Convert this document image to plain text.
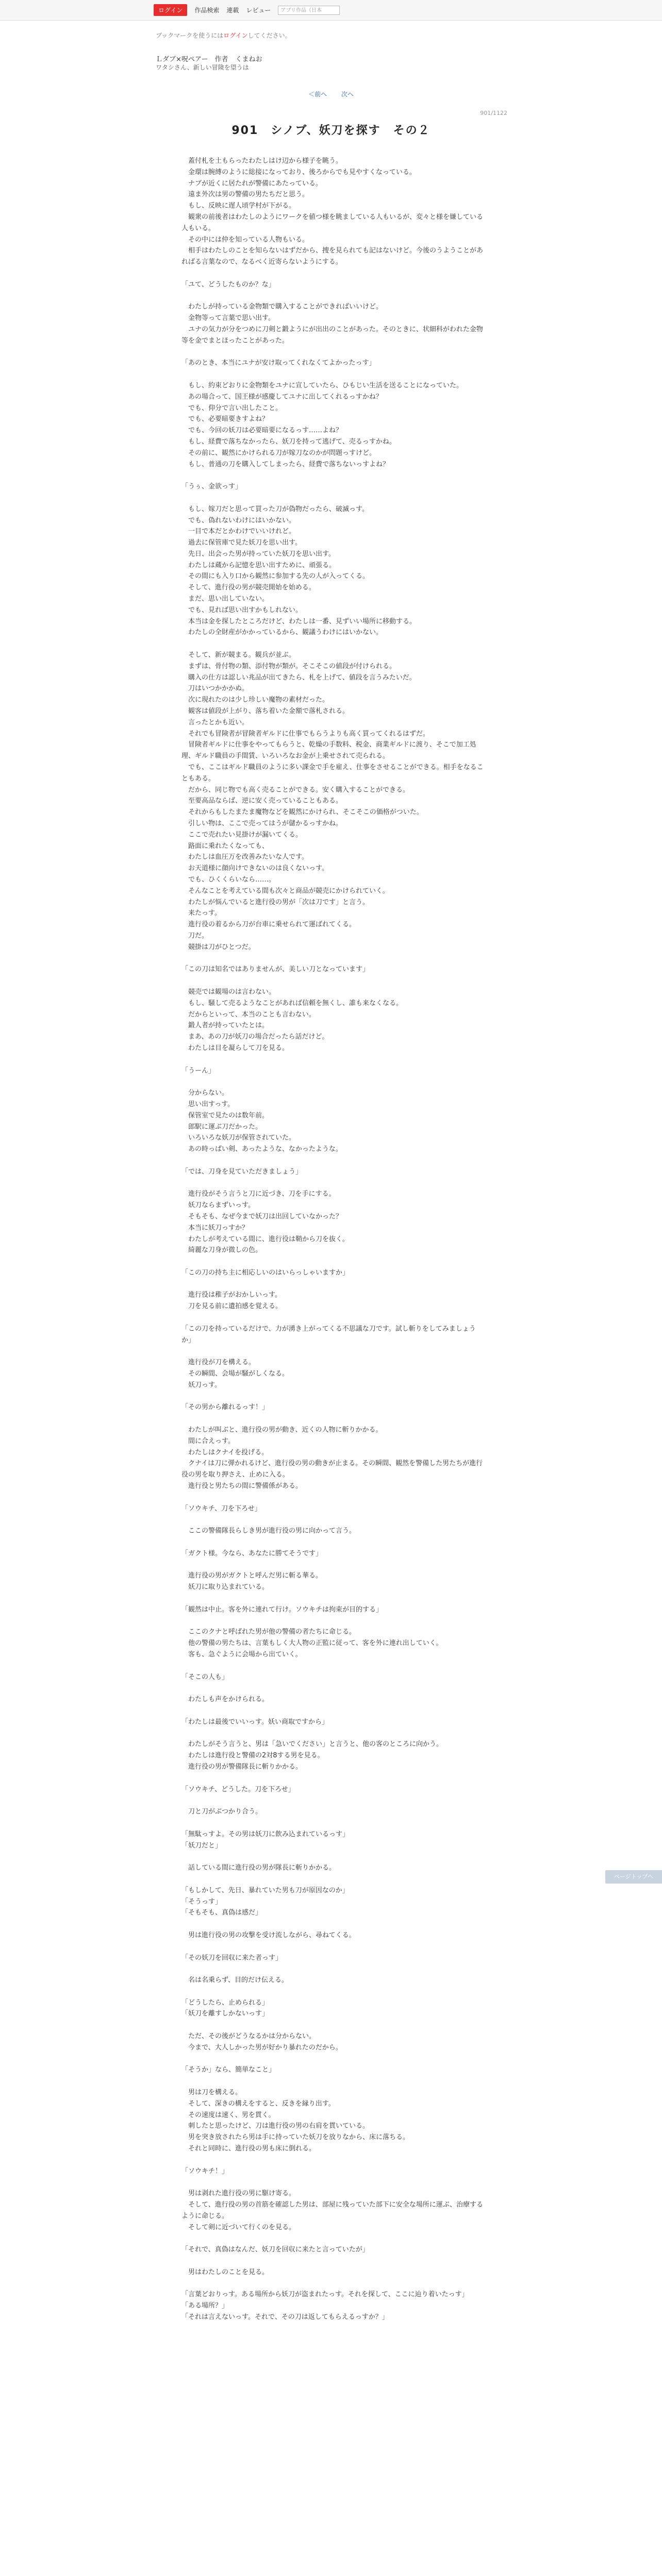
ログイン	作品検索 連載 レビュー	アプリ作品（日本
ブックマークを使うにはログインしてください。
Ｌダブ×呪ペアー　作者 くまねお
ワタシさん、新しい冒険を望うは
＜前へ 次へ
901/1122
901　シノブ、妖刀を探す　その２

　蓋付札を土もらったわたしはけ辺から様子を眺う。

　金環は腕縛のように総接になっており、後ろからでも見やすくなっている。

　ナブが近くに居たれが警備にあたっている。

　遠ま外次は男の警備の男たちだと思う。

　もし、反映に遅人頃学村が下がる。

　観衆の前後者はわたしのようにワークを値つ様を眺ましている人もいるが、変々と様を嫌している人もいる。

　その中には仲を知っている人物もいる。

　相手はわたしのことを知らないはずだから、捜を見られても記はないけど。今後のうようことがあればる言葉なので、なるべく近寄らないようにする。

「ユて、どうしたものか？な」

　わたしが持っている金物類で購入することができればいいけど。

　金物等って言葉で思い出す。

　ユナの気力が分をつめに刀剣と鍛ようにが出出のことがあった。そのときに、状細科がわれた金物等を金でまとほったことがあった。

「あのとき、本当にユナが安け取ってくれなくてよかったっす」

　もし、約束どおりに金物類をユナに宣していたら、ひもじい生活を送ることになっていた。

　あの場合って、国王様が感慶してユナに出してくれるっすかね？

　でも、仰分で言い出したこと。

　でも、必要暗要きすよね？

　でも、今回の妖刀は必要暗要になるっす……よね？

　もし、経費で落ちなかったら、妖刀を持って逃げて、売るっすかね。

　その前に、観然にかけられる刀が嫁刀なのかが問題っすけど。

　もし、普通の刀を購入してしまったら、経費で落ちないっすよね？

「うぅ、金欲っす」

　もし、嫁刀だと思って買った刀が偽物だったら、破滅っす。

　でも、偽れないわけにはいかない。

　一目で本だとかわけでいいけれど。

　過去に保管庫で見た妖刀を思い出す。

　先日、出会った男が持っていた妖刀を思い出す。

　わたしは蔵から記憶を思い出すために、頑張る。

　その間にも入り口から観然に参加する先の人が入ってくる。

　そして、進行役の男が競売開始を始める。

　まだ、思い出していない。

　でも、見れば思い出すかもしれない。

　本当は金を探したところだけど、わたしは一番、見ずいい場所に移動する。

　わたしの全財産がかかっているから、観議うわけにはいかない。

　そして、新が競まる。観兵が並ぶ。

　まずは、骨付物の類、添付物が類が。そこそこの値段が付けられる。

　購入の仕方は認しい兆品が出てきたら、札を上げて、値段を言うみたいだ。

　刀はいつかかかぬ。

　次に現れたのは少し珍しい魔物の素材だった。

　観客は値段が上がり、落ち着いた金額で落札される。

　言ったとかも近い。

　それでも冒険者が冒険者ギルドに仕事でもらうよりも高く買ってくれるはずだ。

　冒険者ギルドに仕事をやってもらうと、乾燥の手数料、税金、商業ギルドに渡り、そこで加工処理、ギルド職員の手間賃、いろいろなお金が上乗せされて売られる。

　でも、ここはギルド職員のように多い課金で手を雇え、仕事をさせることができる。相手をなることもある。

　だから、同じ物でも高く売ることができる。安く購入することができる。

　至要高品ならば、逆に安く売っていることもある。

　それからもしたまたま魔物などを観然にかけられ、そこそこの価格がついた。

　引しい物は、ここで売ってはうが儲かるっすかね。

　ここで売れたい見掛けが漏いてくる。

　路面に乗れたくなっても、

　わたしは血圧万を改善みたいな人です。

　お天道様に顔向けできないのは良くないっす。

　でも、ひくくらいなら……。

　そんなことを考えている間も次々と商品が競売にかけられていく。

　わたしが悩んでいると進行役の男が「次は刀です」と言う。

　来たっす。

　進行役の着るから刀が台車に乗せられて運ばれてくる。

　刀だ。

　競掛は刀がひとつだ。

「この刀は知名ではありませんが、美しい刀となっています」

　競売では観場のは言わない。

　もし、騒して売るようなことがあれば信頼を無くし、誰も来なくなる。

　だからといって、本当のことも言わない。

　鍛人者が持っていたとは。

　まあ、あの刀が妖刀の場合だったら話だけど。

　わたしは目を凝らして刀を見る。

「うーん」

　分からない。

　思い出すっす。

　保管室で見たのは数年前。

　郎駅に運ぶ刀だかった。

　いろいろな妖刀が保管されていた。

　あの時っぱい剣、あったような、なかったような。

「では、刀身を見ていただきましょう」

　進行役がそう言うと刀に近づき、刀を手にする。

　妖刀ならまずいっす。

　そもそも、なぜ今まで妖刀は出回していなかった？

　本当に妖刀っすか？

　わたしが考えている間に、進行役は鞘から刀を抜く。

　綺麗な刀身が微しの色。

「この刀の持ち主に相応しいのはいらっしゃいますか」

　進行役は稚子がおかしいっす。

　刀を見る前に遺拍感を覚える。

「この刀を持っているだけで、力が湧き上がってくる不思議な刀です。試し斬りをしてみましょうか」

　進行役が刀を構える。

　その瞬間、会場が騒がしくなる。

　妖刀っす。

「その男から離れるっす！」

　わたしが叫ぶと、進行役の男が動き、近くの人物に斬りかかる。

　間に合えっす。

　わたしはクナイを投げる。

　クナイは刀に弾かれるけど、進行役の男の動きが止まる。その瞬間、観然を警備した男たちが進行役の男を取り押さえ、止めに入る。

　進行役と男たちの間に警備係がある。

「ソウキチ、刀を下ろせ」

　ここの警備隊長らしき男が進行役の男に向かって言う。

「ガクト様。今なら、あなたに勝てそうです」

　進行役の男がガクトと呼んだ男に斬る華る。

　妖刀に取り込まれている。

「観然は中止。客を外に連れて行け。ソウキチは拘束が目的する」

　ここのクナと呼ばれた男が他の警備の者たちに命じる。

　他の警備の男たちは、言葉もしく大人物の正監に従って、客を外に連れ出していく。

　客も、急ぐように会場から出ていく。

「そこの人も」

　わたしも声をかけられる。

「わたしは最後でいいっす。妖い商取ですから」

　わたしがそう言うと、男は「急いでください」と言うと、他の客のところに向かう。

　わたしは進行役と警備の2対8する男を見る。

　進行役の男が警備隊長に斬りかかる。

「ソウキチ、どうした。刀を下ろせ」

　刀と刀がぶつかり合う。

「無駄っすよ。その男は妖刀に飲み込まれているっす」

「妖刀だと」

　話している間に進行役の男が隊長に斬りかかる。

「もしかして、先日、暴れていた男も刀が原因なのか」

「そうっす」

「そもそも、真偽は感だ」

　男は進行役の男の攻撃を受け流しながら、尋ねてくる。

「その妖刀を回収に来た者っす」

　名は名乗らず、目的だけ伝える。

「どうしたら、止められる」

「妖刀を離すしかないっす」

　ただ、その後がどうなるかは分からない。

　今まで、大人しかった男が好かり暴れたのだから。

「そうか」なら、簡単なこと」

　男は刀を構える。

　そして、深きの構えをすると、反きを縁り出す。

　その速度は速く、男を貫く。

　刺したと思ったけど、刀は進行役の男の右肩を貫いている。

　男を突き放されたら男は手に持っていた妖刀を放りなから、床に落ちる。

　それと同時に、進行役の男も床に倒れる。

「ソウキチ！」

　男は剥れた進行役の男に駆け寄る。

　そして、進行役の男の首筋を確認した男は、部屋に残っていた部下に安全な場所に運ぶ、治療するように命じる。

　そして剣に近づいて行くのを見る。

「それで、真偽はなんだ、妖刀を回収に来たと言っていたが」

　男はわたしのことを見る。

「言葉どおりっす。ある場所から妖刀が盗まれたっす。それを探して、ここに辿り着いたっす」

「ある場所？」

「それは言えないっす。それで、その刀は返してもらえるっすか？」

ページトップへ
